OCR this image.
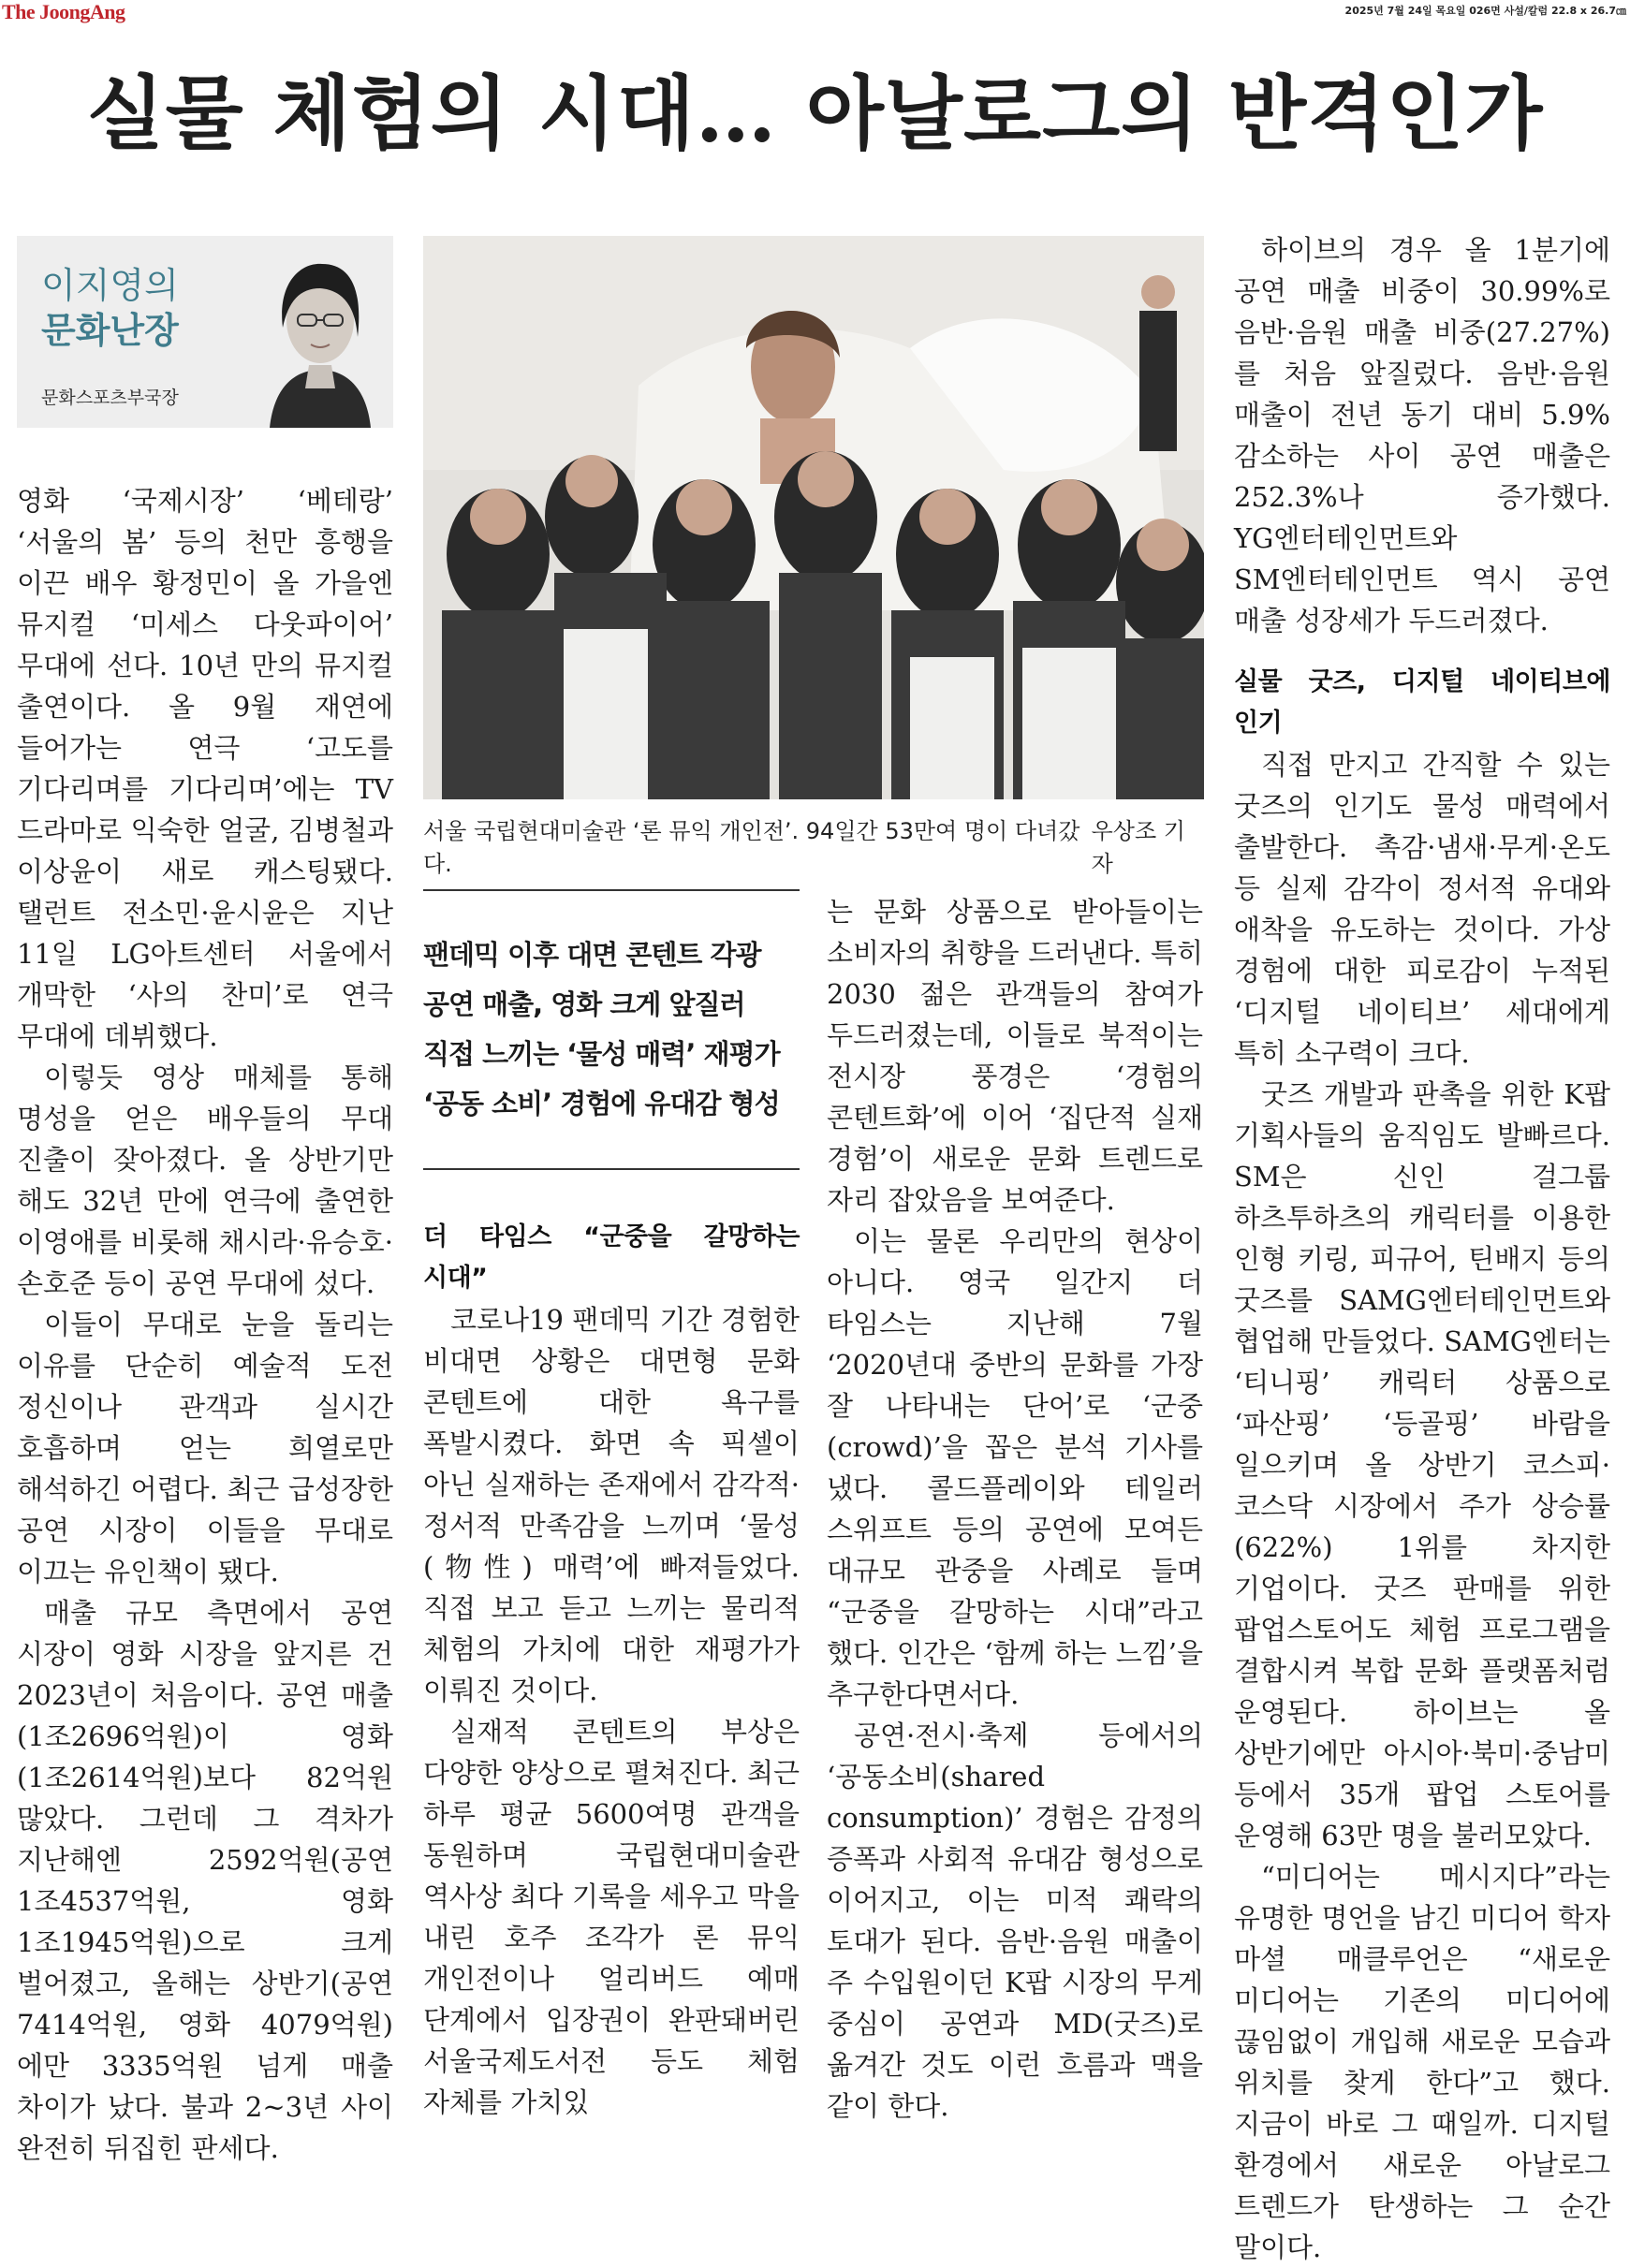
The JoongAng	2025년 7월 24일 목요일 026면 사설/칼럼 22.8 x 26.7㎝
실물 체험의 시대… 아날로그의 반격인가
이지영의
문화난장
문화스포츠부국장
서울 국립현대미술관 ‘론 뮤익 개인전’. 94일간 53만여 명이 다녀갔다.
우상조 기자
팬데믹 이후 대면 콘텐트 각광
공연 매출, 영화 크게 앞질러
직접 느끼는 ‘물성 매력’ 재평가
‘공동 소비’ 경험에 유대감 형성

영화 ‘국제시장’ ‘베테랑’ ‘서울의 봄’ 등의 천만 흥행을 이끈 배우 황정민이 올 가을엔 뮤지컬 ‘미세스 다웃파이어’ 무대에 선다. 10년 만의 뮤지컬 출연이다. 올 9월 재연에 들어가는 연극 ‘고도를 기다리며를 기다리며’에는 TV 드라마로 익숙한 얼굴, 김병철과 이상윤이 새로 캐스팅됐다. 탤런트 전소민·윤시윤은 지난 11일 LG아트센터 서울에서 개막한 ‘사의 찬미’로 연극 무대에 데뷔했다.

이렇듯 영상 매체를 통해 명성을 얻은 배우들의 무대 진출이 잦아졌다. 올 상반기만 해도 32년 만에 연극에 출연한 이영애를 비롯해 채시라·유승호·손호준 등이 공연 무대에 섰다.

이들이 무대로 눈을 돌리는 이유를 단순히 예술적 도전 정신이나 관객과 실시간 호흡하며 얻는 희열로만 해석하긴 어렵다. 최근 급성장한 공연 시장이 이들을 무대로 이끄는 유인책이 됐다.

매출 규모 측면에서 공연 시장이 영화 시장을 앞지른 건 2023년이 처음이다. 공연 매출(1조2696억원)이 영화(1조2614억원)보다 82억원 많았다. 그런데 그 격차가 지난해엔 2592억원(공연 1조4537억원, 영화 1조1945억원)으로 크게 벌어졌고, 올해는 상반기(공연 7414억원, 영화 4079억원)에만 3335억원 넘게 매출 차이가 났다. 불과 2~3년 사이 완전히 뒤집힌 판세다.

더 타임스 “군중을 갈망하는 시대”

코로나19 팬데믹 기간 경험한 비대면 상황은 대면형 문화 콘텐트에 대한 욕구를 폭발시켰다. 화면 속 픽셀이 아닌 실재하는 존재에서 감각적·정서적 만족감을 느끼며 ‘물성(物性) 매력’에 빠져들었다. 직접 보고 듣고 느끼는 물리적 체험의 가치에 대한 재평가가 이뤄진 것이다.

실재적 콘텐트의 부상은 다양한 양상으로 펼쳐진다. 최근 하루 평균 5600여명 관객을 동원하며 국립현대미술관 역사상 최다 기록을 세우고 막을 내린 호주 조각가 론 뮤익 개인전이나 얼리버드 예매 단계에서 입장권이 완판돼버린 서울국제도서전 등도 체험 자체를 가치있

는 문화 상품으로 받아들이는 소비자의 취향을 드러낸다. 특히 2030 젊은 관객들의 참여가 두드러졌는데, 이들로 북적이는 전시장 풍경은 ‘경험의 콘텐트화’에 이어 ‘집단적 실재 경험’이 새로운 문화 트렌드로 자리 잡았음을 보여준다.

이는 물론 우리만의 현상이 아니다. 영국 일간지 더 타임스는 지난해 7월 ‘2020년대 중반의 문화를 가장 잘 나타내는 단어’로 ‘군중(crowd)’을 꼽은 분석 기사를 냈다. 콜드플레이와 테일러 스위프트 등의 공연에 모여든 대규모 관중을 사례로 들며 “군중을 갈망하는 시대”라고 했다. 인간은 ‘함께 하는 느낌’을 추구한다면서다.

공연·전시·축제 등에서의 ‘공동소비(shared consumption)’ 경험은 감정의 증폭과 사회적 유대감 형성으로 이어지고, 이는 미적 쾌락의 토대가 된다. 음반·음원 매출이 주 수입원이던 K팝 시장의 무게 중심이 공연과 MD(굿즈)로 옮겨간 것도 이런 흐름과 맥을 같이 한다.

하이브의 경우 올 1분기에 공연 매출 비중이 30.99%로 음반·음원 매출 비중(27.27%)를 처음 앞질렀다. 음반·음원 매출이 전년 동기 대비 5.9% 감소하는 사이 공연 매출은 252.3%나 증가했다. YG엔터테인먼트와 SM엔터테인먼트 역시 공연 매출 성장세가 두드러졌다.

실물 굿즈, 디지털 네이티브에 인기

직접 만지고 간직할 수 있는 굿즈의 인기도 물성 매력에서 출발한다. 촉감·냄새·무게·온도 등 실제 감각이 정서적 유대와 애착을 유도하는 것이다. 가상 경험에 대한 피로감이 누적된 ‘디지털 네이티브’ 세대에게 특히 소구력이 크다.

굿즈 개발과 판촉을 위한 K팝 기획사들의 움직임도 발빠르다. SM은 신인 걸그룹 하츠투하츠의 캐릭터를 이용한 인형 키링, 피규어, 틴배지 등의 굿즈를 SAMG엔터테인먼트와 협업해 만들었다. SAMG엔터는 ‘티니핑’ 캐릭터 상품으로 ‘파산핑’ ‘등골핑’ 바람을 일으키며 올 상반기 코스피·코스닥 시장에서 주가 상승률(622%) 1위를 차지한 기업이다. 굿즈 판매를 위한 팝업스토어도 체험 프로그램을 결합시켜 복합 문화 플랫폼처럼 운영된다. 하이브는 올 상반기에만 아시아·북미·중남미 등에서 35개 팝업 스토어를 운영해 63만 명을 불러모았다.

“미디어는 메시지다”라는 유명한 명언을 남긴 미디어 학자 마셜 매클루언은 “새로운 미디어는 기존의 미디어에 끊임없이 개입해 새로운 모습과 위치를 찾게 한다”고 했다. 지금이 바로 그 때일까. 디지털 환경에서 새로운 아날로그 트렌드가 탄생하는 그 순간 말이다.
